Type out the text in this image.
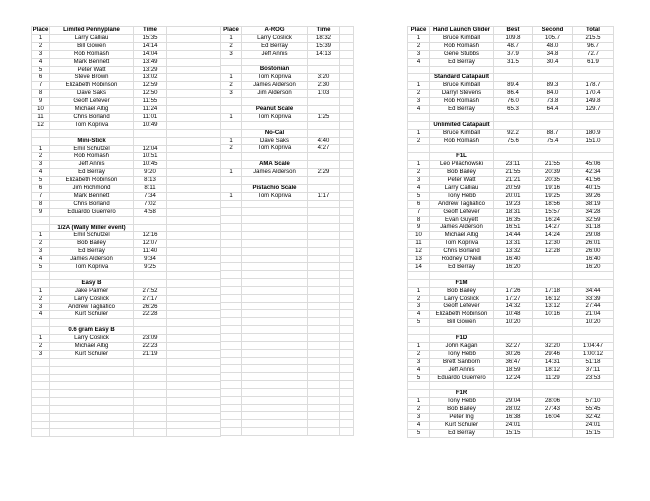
Place	Limited Pennyplane	Time	
1	Larry Calliau	15:35	
2	Bill Gowen	14:14	
3	Rob Romash	14:04	
4	Mark Bennett	13:49	
5	Peter Watt	13:29	
6	Steve Brown	13:02	
7	Elizabeth Robinson	12:59	
8	Dave Saks	12:50	
9	Geoff Lefever	11:55	
10	Michael Altig	11:24	
11	Chris Borland	11:01	
12	Tom Kopriva	10:49	

	Mini-Stick		
1	Emil Schutzel	12:04	
2	Rob Romash	10:51	
3	Jeff Annis	10:45	
4	Ed Berray	9:20	
5	Elizabeth Robinson	8:13	
6	Jim Richmond	8:11	
7	Mark Bennett	7:34	
8	Chris Borland	7:02	
9	Eduardo Guerrero	4:58	

	1/2A (Wally Miller event)		
1	Emil Schutzel	12:16	
2	Bob Bailey	12:07	
3	Ed Berray	11:40	
4	James Alderson	9:34	
5	Tom Kopriva	9:25	

	Easy B		
1	Jake Palmer	27:52	
2	Larry Coslick	27:17	
3	Andrew Tagliafico	26:26	
4	Kurt Schuler	22:28	

	0.6 gram Easy B		
1	Larry Coslick	23:09	
2	Michael Altig	22:23	
3	Kurt Schuler	21:19	

Place	A-ROG	Time	
1	Larry Coslick	18:32	
2	Ed Berray	15:39	
3	Jeff Annis	14:13	

	Bostonian		
1	Tom Kopriva	3:20	
2	James Alderson	2:30	
3	Jim Alderson	1:03	

	Peanut Scale		
1	Tom Kopriva	1:25	

	No-Cal		
1	Dave Saks	4:40	
2	Tom Kopriva	4:27	

	AMA Scale		
1	James Alderson	2:29	

	Pistachio Scale		
1	Tom Kopriva	1:17	

Place	Hand Launch Glider	Best	Second	Total
1	Bruce Kimball	109.8	105.7	215.5
2	Rob Romash	48.7	48.0	96.7
3	Gene Stubbs	37.9	34.8	72.7
4	Ed Berray	31.5	30.4	61.9

	Standard Catapault			
1	Bruce Kimball	89.4	89.3	178.7
2	Darryl Stevens	86.4	84.0	170.4
3	Rob Romash	76.0	73.8	149.8
4	Ed Berray	65.3	64.4	129.7

	Unlimited Catapault			
1	Bruce Kimball	92.2	88.7	180.9
2	Rob Romash	75.6	75.4	151.0

	F1L			
1	Leo Pilachowski	23:11	21:55	45:06
2	Bob Bailey	21:55	20:39	42:34
3	Peter Watt	21:21	20:35	41:56
4	Larry Calliau	20:59	19:16	40:15
5	Tony Hebb	20:01	19:25	39:26
6	Andrew Tagliafico	19:23	18:56	38:19
7	Geoff Lefever	18:31	15:57	34:28
8	Evan Guyett	16:35	16:24	32:59
9	James Alderson	16:51	14:27	31:18
10	Michael Altig	14:44	14:24	29:08
11	Tom Kopriva	13:31	12:30	26:01
12	Chris Borland	13:32	12:28	26:00
13	Rodney O'Neill	16:40		16:40
14	Ed Berray	16:20		16:20

	F1M			
1	Bob Bailey	17:26	17:18	34:44
2	Larry Coslick	17:27	16:12	33:39
3	Geoff Lefever	14:32	13:12	27:44
4	Elizabeth Robinson	10:48	10:16	21:04
5	Bill Gowen	10:20		10:20

	F1D			
1	John Kagan	32:27	32:20	1:04:47
2	Tony Hebb	30:26	29:46	1:00:12
3	Brett Sanborn	36:47	14:31	51:18
4	Jeff Annis	18:59	18:12	37:11
5	Eduardo Guerrero	12:24	11:29	23:53

	F1R			
1	Tony Hebb	29:04	28:06	57:10
2	Bob Bailey	28:02	27:43	55:45
3	Peter Ing	16:38	16:04	32:42
4	Kurt Schuler	24:01		24:01
5	Ed Berray	15:15		15:15
